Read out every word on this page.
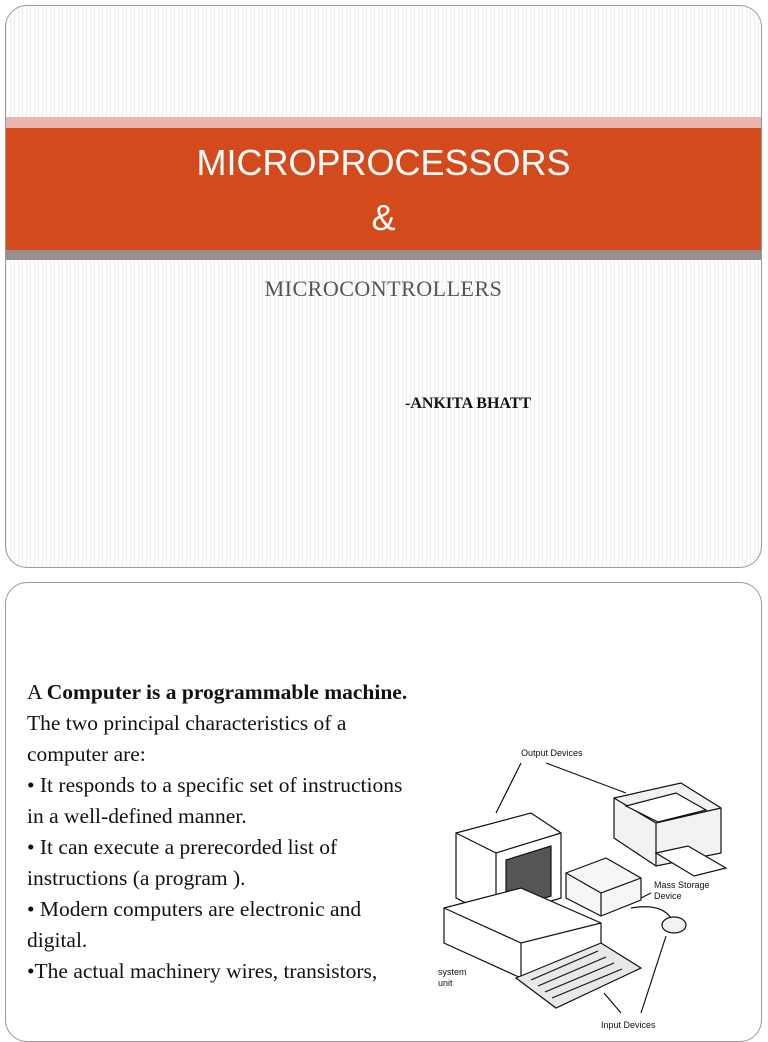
MICROPROCESSORS
&
MICROCONTROLLERS
-ANKITA BHATT

A Computer is a programmable machine.

The two principal characteristics of a computer are:

• It responds to a specific set of instructions in a well-defined manner.

• It can execute a prerecorded list of instructions (a program ).

• Modern computers are electronic and digital.

•The actual machinery wires, transistors,

Output Devices
Mass Storage
Device
system
unit
Input Devices
